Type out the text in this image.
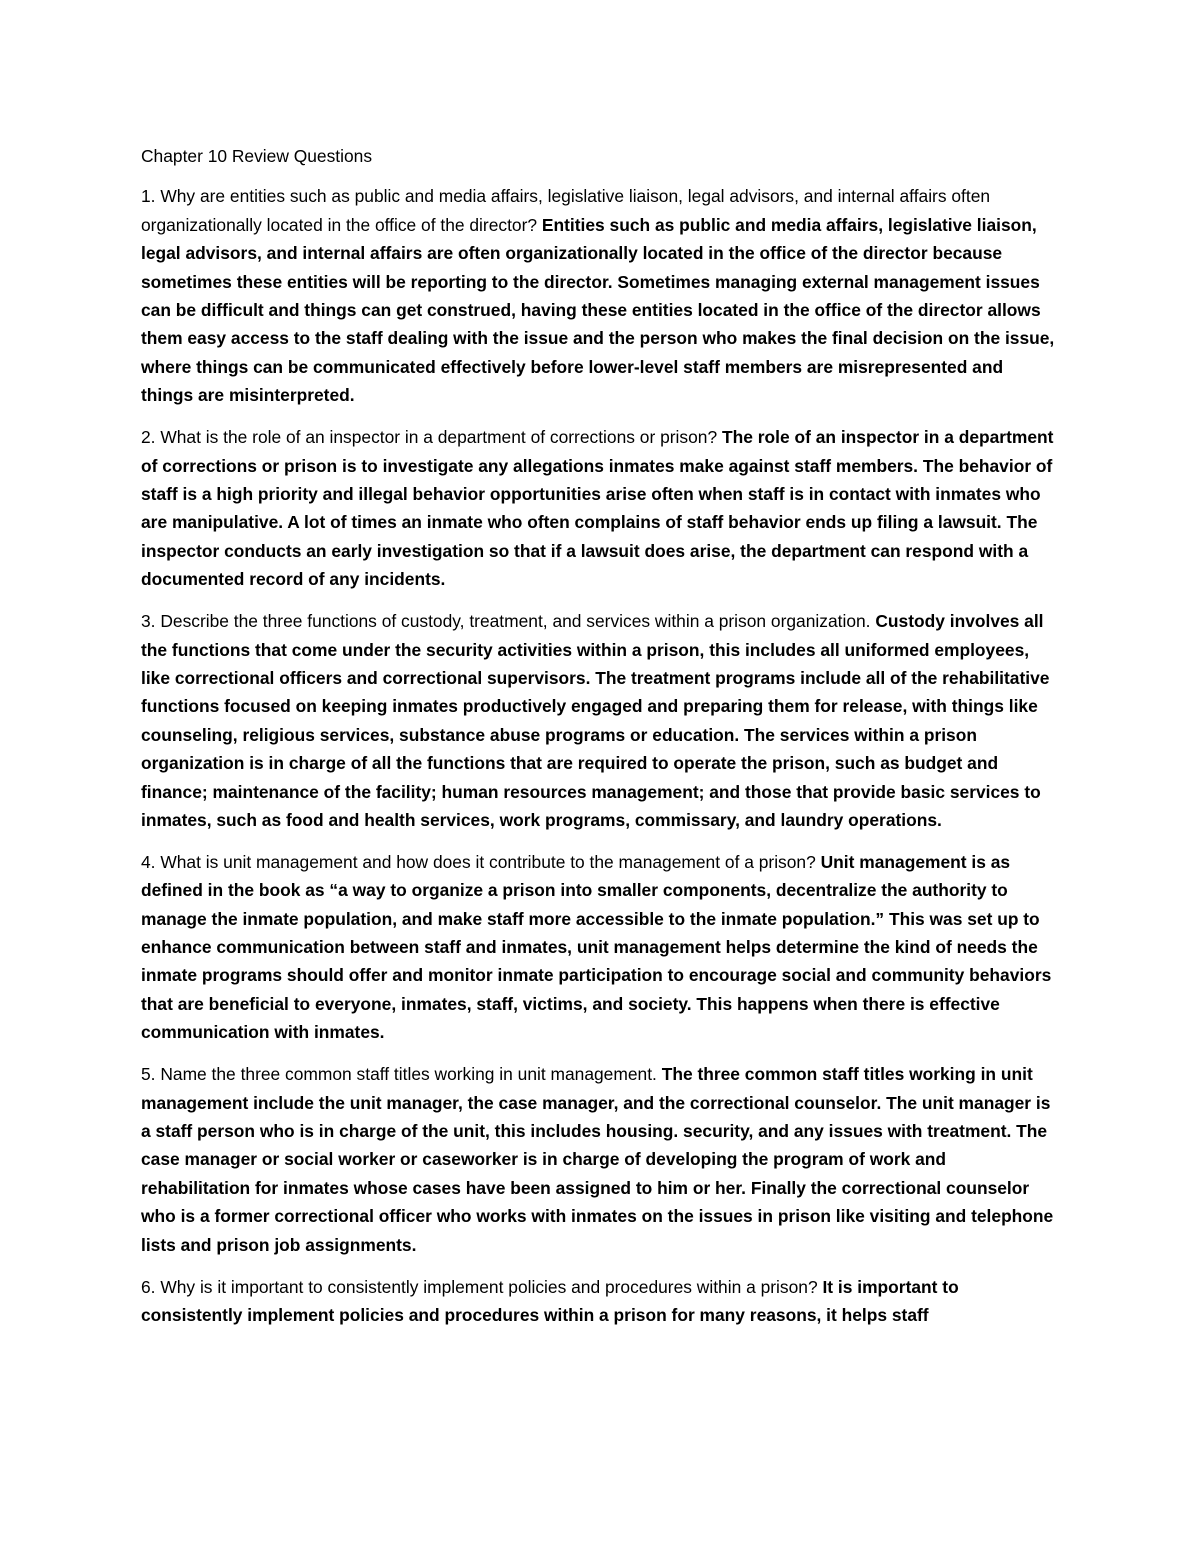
Chapter 10 Review Questions

1. Why are entities such as public and media affairs, legislative liaison, legal advisors, and internal affairs often organizationally located in the office of the director? Entities such as public and media affairs, legislative liaison, legal advisors, and internal affairs are often organizationally located in the office of the director because sometimes these entities will be reporting to the director. Sometimes managing external management issues can be difficult and things can get construed, having these entities located in the office of the director allows them easy access to the staff dealing with the issue and the person who makes the final decision on the issue, where things can be communicated effectively before lower-level staff members are misrepresented and things are misinterpreted.

2. What is the role of an inspector in a department of corrections or prison? The role of an inspector in a department of corrections or prison is to investigate any allegations inmates make against staff members. The behavior of staff is a high priority and illegal behavior opportunities arise often when staff is in contact with inmates who are manipulative. A lot of times an inmate who often complains of staff behavior ends up filing a lawsuit. The inspector conducts an early investigation so that if a lawsuit does arise, the department can respond with a documented record of any incidents.

3. Describe the three functions of custody, treatment, and services within a prison organization. Custody involves all the functions that come under the security activities within a prison, this includes all uniformed employees, like correctional officers and correctional supervisors. The treatment programs include all of the rehabilitative functions focused on keeping inmates productively engaged and preparing them for release, with things like counseling, religious services, substance abuse programs or education. The services within a prison organization is in charge of all the functions that are required to operate the prison, such as budget and finance; maintenance of the facility; human resources management; and those that provide basic services to inmates, such as food and health services, work programs, commissary, and laundry operations.

4. What is unit management and how does it contribute to the management of a prison? Unit management is as defined in the book as “a way to organize a prison into smaller components, decentralize the authority to manage the inmate population, and make staff more accessible to the inmate population.” This was set up to enhance communication between staff and inmates, unit management helps determine the kind of needs the inmate programs should offer and monitor inmate participation to encourage social and community behaviors that are beneficial to everyone, inmates, staff, victims, and society. This happens when there is effective communication with inmates.

5. Name the three common staff titles working in unit management. The three common staff titles working in unit management include the unit manager, the case manager, and the correctional counselor. The unit manager is a staff person who is in charge of the unit, this includes housing. security, and any issues with treatment. The case manager or social worker or caseworker is in charge of developing the program of work and rehabilitation for inmates whose cases have been assigned to him or her. Finally the correctional counselor who is a former correctional officer who works with inmates on the issues in prison like visiting and telephone lists and prison job assignments.

6. Why is it important to consistently implement policies and procedures within a prison? It is important to consistently implement policies and procedures within a prison for many reasons, it helps staff
